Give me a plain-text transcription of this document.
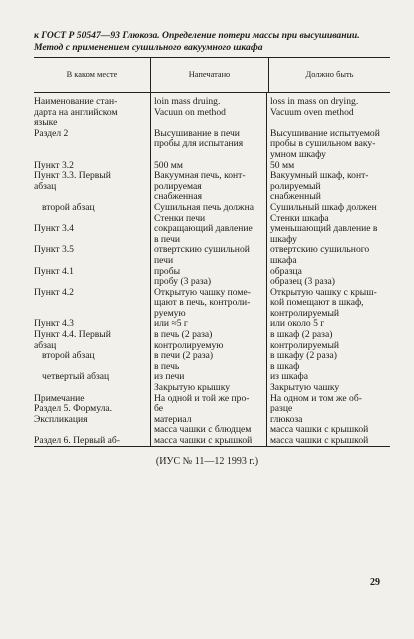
к ГОСТ Р 50547—93 Глюкоза. Определение потери массы при высушивании.
Метод с применением сушильного вакуумного шкафа
В каком месте	Напечатано	Должно быть
Наименование стан-
дарта на английском
языке
Раздел 2

Пункт 3.2
Пункт 3.3. Первый
абзац

второй абзац

Пункт 3.4

Пункт 3.5

Пункт 4.1

Пункт 4.2

Пункт 4.3
Пункт 4.4. Первый
абзац
второй абзац

четвертый абзац

Примечание
Раздел 5. Формула.
Экспликация

Раздел 6. Первый аб-
loin mass druing.
Vacuun on method

Высушивание в печи
пробы для испытания

500 мм
Вакуумная печь, конт-
ролируемая
снабженная
Сушильная печь должна
Стенки печи
сокращающий давление
в печи
отвертскию сушильной
печи
пробы
пробу (3 раза)
Открытую чашку поме-
щают в печь, контроли-
руемую
или ≈5 г
в печь (2 раза)
контролируемую
в печи (2 раза)
в печь
из печи
Закрытую крышку
На одной и той же про-
бе
материал
масса чашки с блюдцем
масса чашки с крышкой
loss in mass on drying.
Vacuum oven method

Высушивание испытуемой
пробы в сушильном ваку-
умном шкафу
50 мм
Вакуумный шкаф, конт-
ролируемый
снабженный
Сушильный шкаф должен
Стенки шкафа
уменьшающий давление в
шкафу
отвертскию сушильного
шкафа
образца
образец (3 раза)
Открытую чашку с крыш-
кой помещают в шкаф,
контролируемый
или около 5 г
в шкаф (2 раза)
контролируемый
в шкафу (2 раза)
в шкаф
из шкафа
Закрытую чашку
На одном и том же об-
разце
глюкоза
масса чашки с крышкой
масса чашки с крышкой

(ИУС № 11—12 1993 г.)
29
